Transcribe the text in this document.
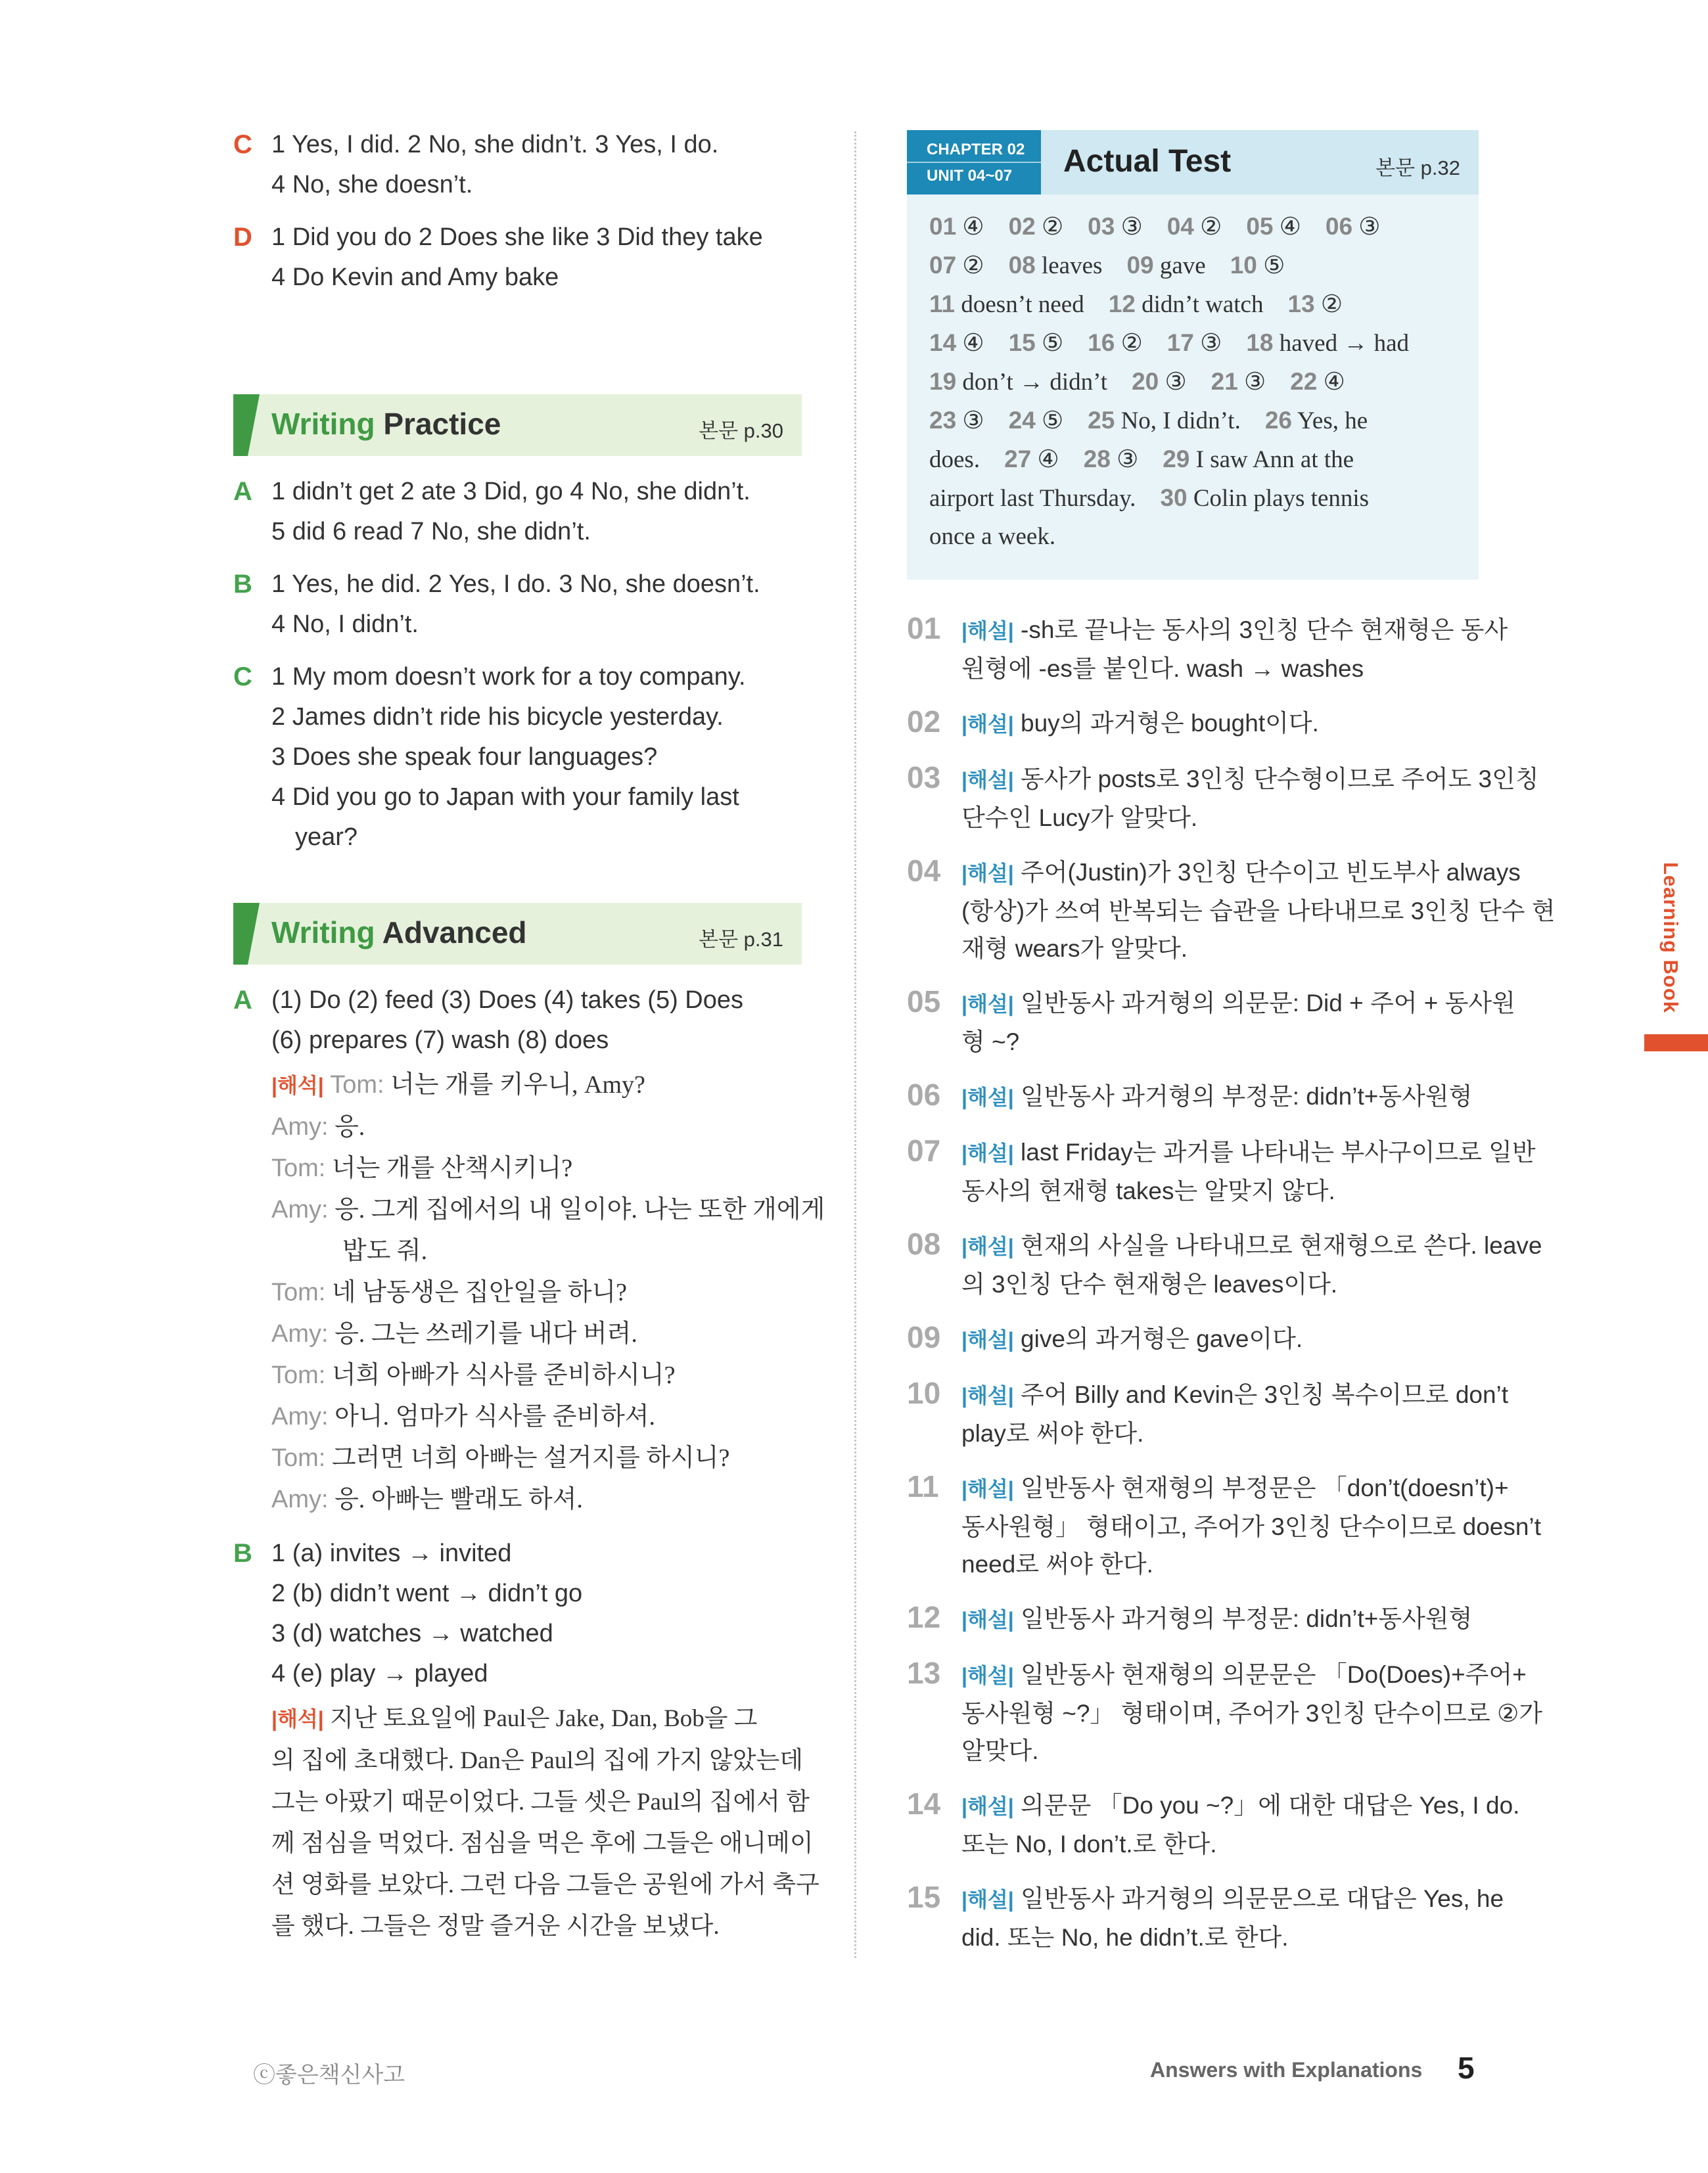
C 1 Yes, I did. 2 No, she didn’t. 3 Yes, I do.
4 No, she doesn’t.
D 1 Did you do 2 Does she like 3 Did they take
4 Do Kevin and Amy bake
Writing Practice	본문 p.30
A 1 didn’t get 2 ate 3 Did, go 4 No, she didn’t.
5 did 6 read 7 No, she didn’t.
B 1 Yes, he did. 2 Yes, I do. 3 No, she doesn’t.
4 No, I didn’t.
C 1 My mom doesn’t work for a toy company.
2 James didn’t ride his bicycle yesterday.
3 Does she speak four languages?
4 Did you go to Japan with your family last
year?
Writing Advanced	본문 p.31
A (1) Do (2) feed (3) Does (4) takes (5) Does
(6) prepares (7) wash (8) does
|해석| Tom: 너는 개를 키우니, Amy?
Amy: 응.
Tom: 너는 개를 산책시키니?
Amy: 응. 그게 집에서의 내 일이야. 나는 또한 개에게
밥도 줘.
Tom: 네 남동생은 집안일을 하니?
Amy: 응. 그는 쓰레기를 내다 버려.
Tom: 너희 아빠가 식사를 준비하시니?
Amy: 아니. 엄마가 식사를 준비하셔.
Tom: 그러면 너희 아빠는 설거지를 하시니?
Amy: 응. 아빠는 빨래도 하셔.
B 1 (a) invites → invited
2 (b) didn’t went → didn’t go
3 (d) watches → watched
4 (e) play → played
|해석| 지난 토요일에 Paul은 Jake, Dan, Bob을 그
의 집에 초대했다. Dan은 Paul의 집에 가지 않았는데
그는 아팠기 때문이었다. 그들 셋은 Paul의 집에서 함
께 점심을 먹었다. 점심을 먹은 후에 그들은 애니메이
션 영화를 보았다. 그런 다음 그들은 공원에 가서 축구
를 했다. 그들은 정말 즐거운 시간을 보냈다.
CHAPTER 02
UNIT 04~07 Actual Test	본문 p.32
01 ④  02 ②  03 ③  04 ②  05 ④  06 ③
07 ②  08 leaves  09 gave  10 ⑤
11 doesn’t need  12 didn’t watch  13 ②
14 ④  15 ⑤  16 ②  17 ③  18 haved → had
19 don’t → didn’t  20 ③  21 ③  22 ④
23 ③  24 ⑤  25 No, I didn’t.  26 Yes, he
does.  27 ④  28 ③  29 I saw Ann at the
airport last Thursday.  30 Colin plays tennis
once a week.
01 |해설| -sh로 끝나는 동사의 3인칭 단수 현재형은 동사
원형에 -es를 붙인다. wash → washes
02 |해설| buy의 과거형은 bought이다.
03 |해설| 동사가 posts로 3인칭 단수형이므로 주어도 3인칭
단수인 Lucy가 알맞다.
04 |해설| 주어(Justin)가 3인칭 단수이고 빈도부사 always
(항상)가 쓰여 반복되는 습관을 나타내므로 3인칭 단수 현
재형 wears가 알맞다.
05 |해설| 일반동사 과거형의 의문문: Did + 주어 + 동사원
형 ~?
06 |해설| 일반동사 과거형의 부정문: didn’t+동사원형
07 |해설| last Friday는 과거를 나타내는 부사구이므로 일반
동사의 현재형 takes는 알맞지 않다.
08 |해설| 현재의 사실을 나타내므로 현재형으로 쓴다. leave
의 3인칭 단수 현재형은 leaves이다.
09 |해설| give의 과거형은 gave이다.
10 |해설| 주어 Billy and Kevin은 3인칭 복수이므로 don’t
play로 써야 한다.
11 |해설| 일반동사 현재형의 부정문은 「don’t(doesn’t)+
동사원형」 형태이고, 주어가 3인칭 단수이므로 doesn’t
need로 써야 한다.
12 |해설| 일반동사 과거형의 부정문: didn’t+동사원형
13 |해설| 일반동사 현재형의 의문문은 「Do(Does)+주어+
동사원형 ~?」 형태이며, 주어가 3인칭 단수이므로 ②가
알맞다.
14 |해설| 의문문 「Do you ~?」에 대한 대답은 Yes, I do.
또는 No, I don’t.로 한다.
15 |해설| 일반동사 과거형의 의문문으로 대답은 Yes, he
did. 또는 No, he didn’t.로 한다.
Learning Book
ⓒ좋은책신사고	Answers with Explanations 5
